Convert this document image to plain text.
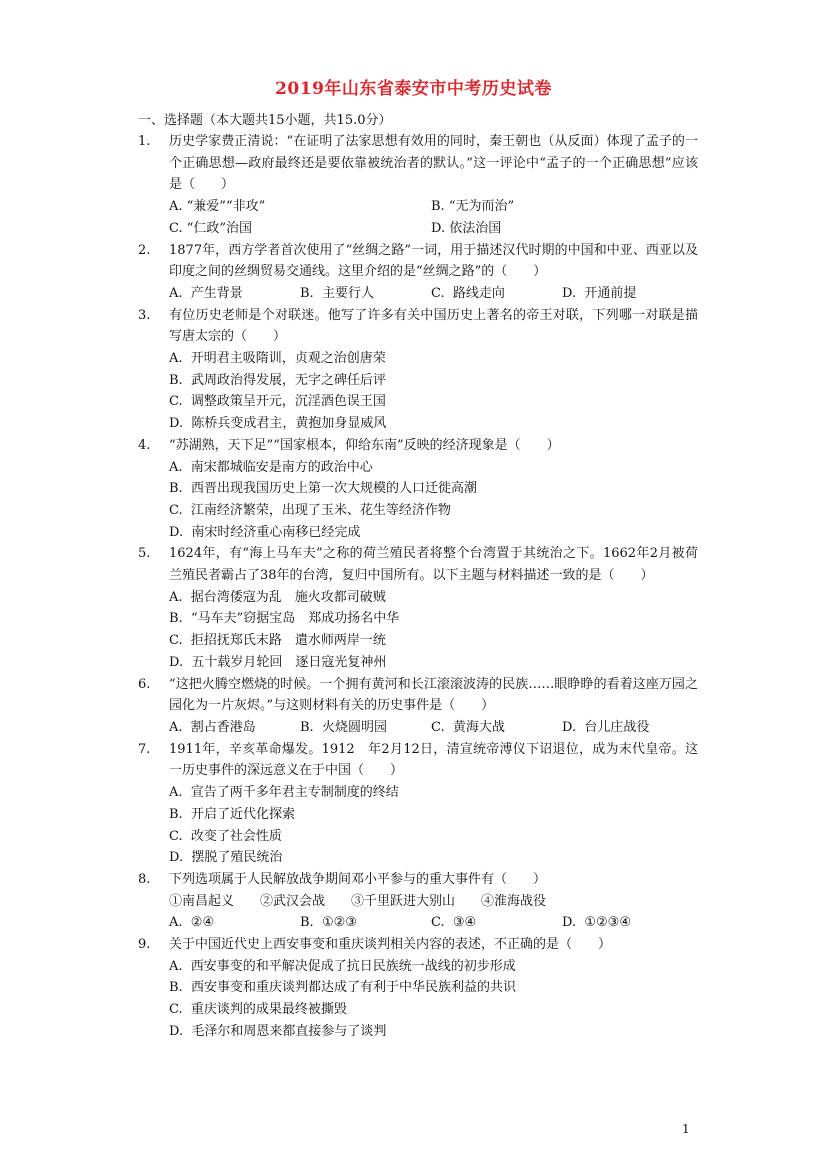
2019年山东省泰安市中考历史试卷
一、选择题（本大题共15小题，共15.0分）
1.	历史学家费正清说：“在证明了法家思想有效用的同时，秦王朝也（从反面）体现了孟子的一个正确思想—政府最终还是要依靠被统治者的默认。”这一评论中“孟子的一个正确思想”应该是（　　）
A. “兼爱”“非攻”	B. “无为而治”
C. “仁政”治国	D. 依法治国
2.	1877年，西方学者首次使用了“丝绸之路”一词，用于描述汉代时期的中国和中亚、西亚以及印度之间的丝绸贸易交通线。这里介绍的是“丝绸之路”的（　　）
A.  产生背景	B.  主要行人	C.  路线走向	D.  开通前提
3.	有位历史老师是个对联迷。他写了许多有关中国历史上著名的帝王对联，下列哪一对联是描写唐太宗的（　　）
A.  开明君主吸隋训，贞观之治创唐荣
B.  武周政治得发展，无字之碑任后评
C.  调整政策呈开元，沉淫酒色误王国
D.  陈桥兵变成君主，黄抱加身显威风
4.	“苏湖熟，天下足”“国家根本，仰给东南”反映的经济现象是（　　）
A.  南宋都城临安是南方的政治中心
B.  西晋出现我国历史上第一次大规模的人口迁徙高潮
C.  江南经济繁荣，出现了玉米、花生等经济作物
D.  南宋时经济重心南移已经完成
5.	1624年，有“海上马车夫”之称的荷兰殖民者将整个台湾置于其统治之下。1662年2月被荷兰殖民者霸占了38年的台湾，复归中国所有。以下主题与材料描述一致的是（　　）
A.  据台湾倭寇为乱　施火攻都司破贼
B.  “马车夫”窃据宝岛　郑成功扬名中华
C.  拒招抚郑氏末路　遣水师两岸一统
D.  五十载岁月轮回　逐日寇光复神州
6.	“这把火腾空燃烧的时候。一个拥有黄河和长江滚滚波涛的民族……眼睁睁的看着这座万园之园化为一片灰烬。”与这则材料有关的历史事件是（　　）
A.  割占香港岛	B.  火烧圆明园	C.  黄海大战	D.  台儿庄战役
7.	1911年，辛亥革命爆发。1912　年2月12日，清宣统帝溥仪下诏退位，成为末代皇帝。这一历史事件的深远意义在于中国（　　）
A.  宣告了两千多年君主专制制度的终结
B.  开启了近代化探索
C.  改变了社会性质
D.  摆脱了殖民统治
8.	下列选项属于人民解放战争期间邓小平参与的重大事件有（　　）
①南昌起义　　②武汉会战　　③千里跃进大别山　　④淮海战役
A.  ②④	B.  ①②③	C.  ③④	D.  ①②③④
9.	关于中国近代史上西安事变和重庆谈判相关内容的表述，不正确的是（　　）
A.  西安事变的和平解决促成了抗日民族统一战线的初步形成
B.  西安事变和重庆谈判都达成了有利于中华民族利益的共识
C.  重庆谈判的成果最终被撕毁
D.  毛泽尔和周恩来都直接参与了谈判
1
